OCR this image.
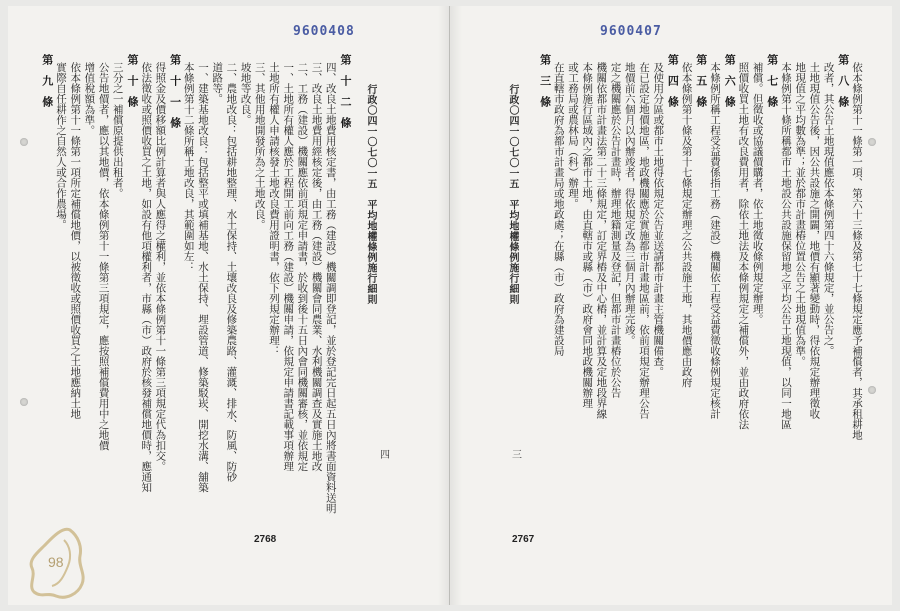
9600408
行政〇四一〇七〇一五　平均地權條例施行細則
第十二條
四、改良土地費用核定書，由工務（建設）機關調即登記，並於登記完日起五日內將書面資料送明
三、改良土地費用經核定後，由工務（建設）機關會同農業、水利機關調查及實施土地改
二、工務（建設）機關應依前項規定申請書，於收到後十五日內會同機關審核，並依規定
一、土地所有權人應於工程開工前向工務（建設）機關申請，依規定申請書記載事項辦理
土地所有權人申請核發土地改良費用證明書，依下列規定辦理：
三、其他用地開發所為之土地改良。
坡地等改良。
二、農地改良：包括耕地整理、水土保持、土壤改良及修築農路、灌溉、排水、防風、防砂
道路等。
一、建築基地改良：包括整平或填補基地、水土保持、埋設管道、修築駁崁、開挖水溝、舖築
本條例第十二條所稱土地改良，其範圍如左：
第十一條
得照金及價移額比例計算者與人應得之權利，並依本條例第十一條第三項規定代為扣交。
依法徵收或照價收買之土地，如設有他項權利者，市縣（市）政府於核發補償地價時，應通知
第十條
三分之一補償原提供出租者。
公告地價者，應以其地價，依本條例第十一條第三項規定，應按照補償費用中之地價
增值稅額為準。
依本條例第十一條第一項所定補償地價，以被徵收或照價收買之土地應納土地
實際自任耕作之自然人或合作農場。
第九條
四
2768
9600407
行政〇四一〇七〇一五　平均地權條例施行細則	依本條例第十一條第一項、第六十三條及第七十七條規定應予補償者，其承租耕地
第八條
改者，其公告土地現值應依本條例第四十六條規定，並公告之。
土地現值公告後，因公共設施之開闢，地價有顯著變動時，得依規定辦理徵收
地現值之平均數為準；並於都市計畫樁位置公告之土地現值為準。
本條例第十條所稱都市土地設公共設施保留地之平均公告土地現值，以同一地區
第七條
補償。但徵收或協議價購者，依土地徵收條例規定辦理。
照價收買土地有改良費用者，除依土地法及本條例規定之補償外，並由政府依法
第六條
本條例所稱工程受益費係指工務（建設）機關依工程受益費徵收條例規定核計
第五條
依本條例第十條及第十七條規定辦理之公共設施土地，其地價應由政府
第四條
及使用分區或都市土地得依規定公告並送請都市計畫主管機關備查。
在已設定地價地區，地政機關應於實施都市計畫地區前，依前項規定辦理公告
地價前六個月以內辦竣者，得依規定改為三個月內辦理完竣。
定之機關應於公告計畫時，辦理地籍測量及登記，但都市計畫樁位於公告
機關依都市計畫法第二十三條規定，訂定界樁及中心樁，並計算及定地段界線
本條例施行區域內之都市土地，由直轄市或縣（市）政府會同地政機關辦理
或工務局或農林局（科）辦理。
在直轄市政府為都市計畫局或地政處；在縣（市）政府為建設局
第三條
三
2767
98
